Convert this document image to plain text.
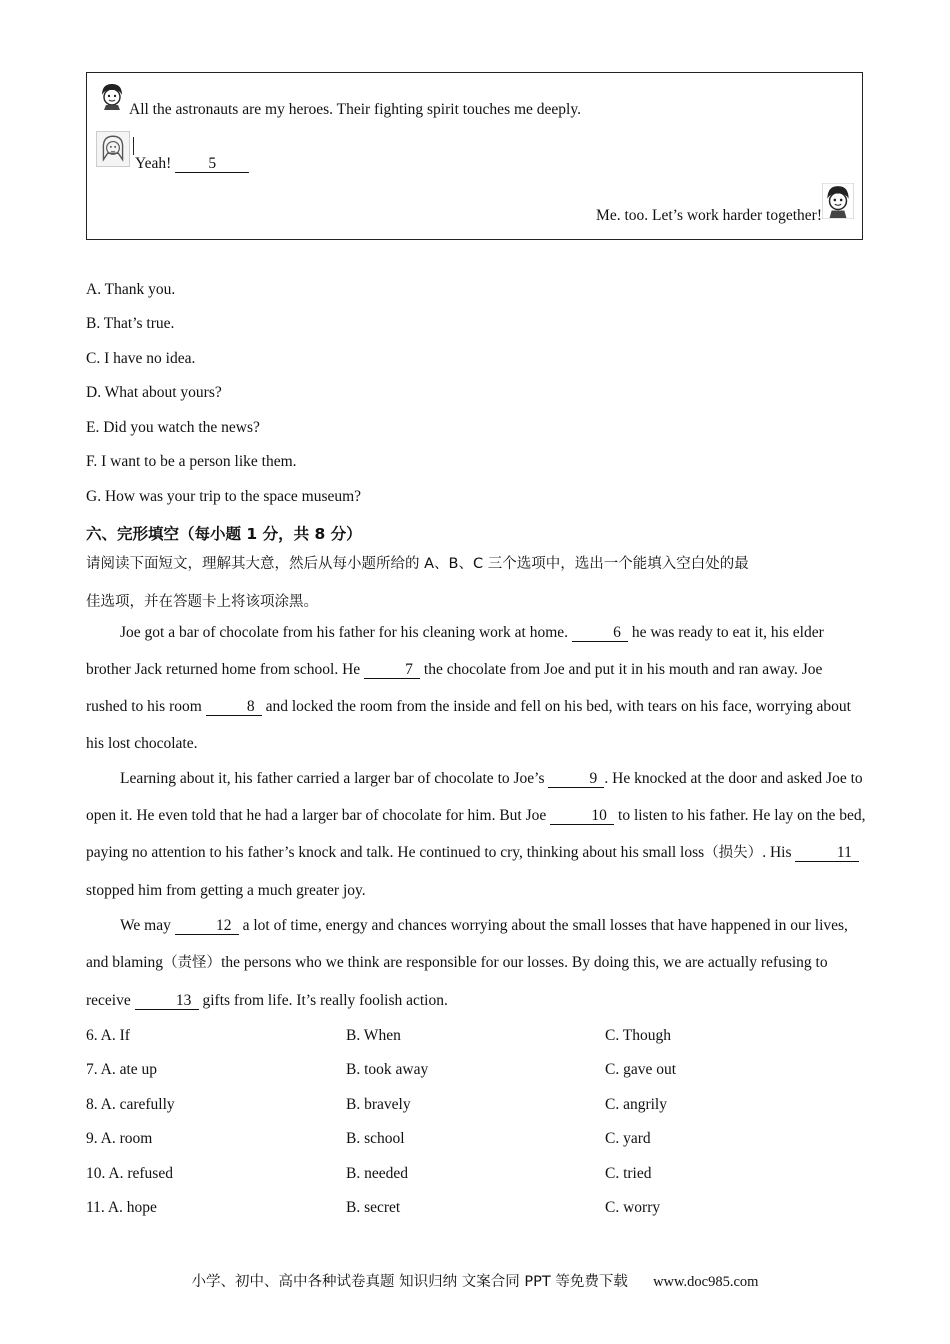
All the astronauts are my heroes. Their fighting spirit touches me deeply.
Yeah! 5
Me. too. Let’s work harder together!
A. Thank you.
B. That’s true.
C. I have no idea.
D. What about yours?
E. Did you watch the news?
F. I want to be a person like them.
G. How was your trip to the space museum?
六、完形填空（每小题 1 分，共 8 分）
请阅读下面短文，理解其大意，然后从每小题所给的 A、B、C 三个选项中，选出一个能填入空白处的最
佳选项，并在答题卡上将该项涂黑。
Joe got a bar of chocolate from his father for his cleaning work at home.	6 he was ready to eat it, his elder brother Jack returned home from school. He	7 the chocolate from Joe and put it in his mouth and ran away. Joe rushed to his room	8 and locked the room from the inside and fell on his bed, with tears on his face, worrying about his lost chocolate.
Learning about it, his father carried a larger bar of chocolate to Joe’s	9 . He knocked at the door and asked Joe to open it. He even told that he had a larger bar of chocolate for him. But Joe	10 to listen to his father. He lay on the bed, paying no attention to his father’s knock and talk. He continued to cry, thinking about his small loss（损失）. His	11 stopped him from getting a much greater joy.
We may	12 a lot of time, energy and chances worrying about the small losses that have happened in our lives, and blaming（责怪）the persons who we think are responsible for our losses. By doing this, we are actually refusing to receive	13 gifts from life. It’s really foolish action.
6. A. If	B. When	C. Though
7. A. ate up	B. took away	C. gave out
8. A. carefully	B. bravely	C. angrily
9. A. room	B. school	C. yard
10. A. refused	B. needed	C. tried
11. A. hope	B. secret	C. worry
小学、初中、高中各种试卷真题 知识归纳 文案合同 PPT 等免费下载 www.doc985.com
